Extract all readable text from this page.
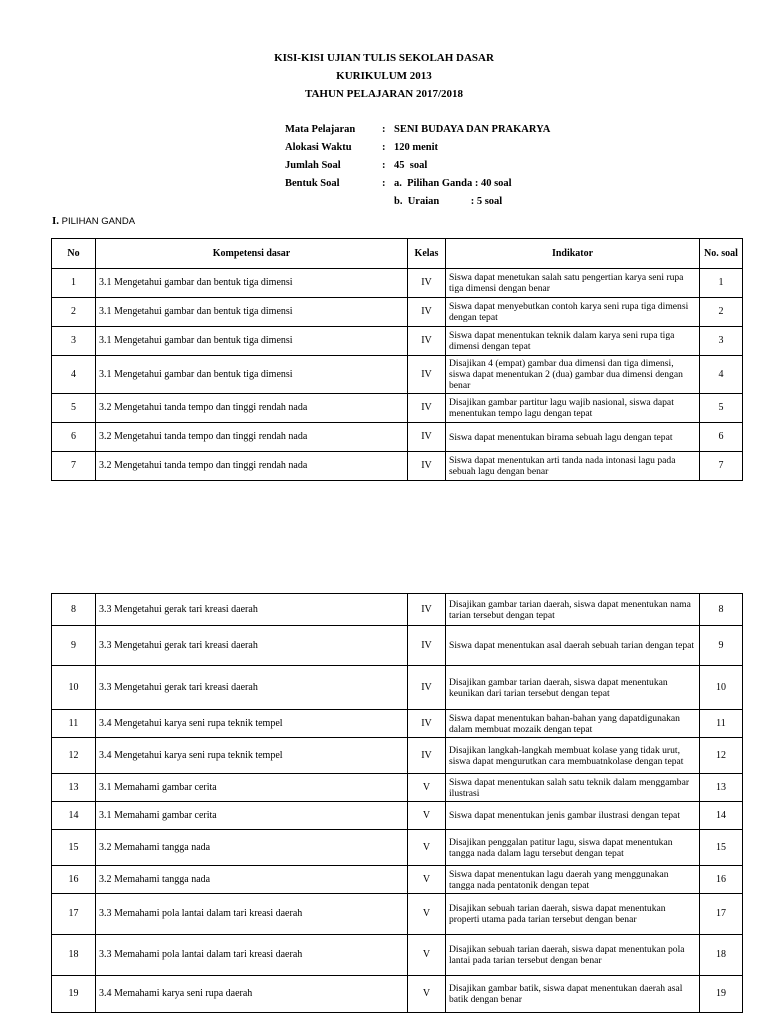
KISI-KISI UJIAN TULIS SEKOLAH DASAR
KURIKULUM 2013
TAHUN PELAJARAN 2017/2018
Mata Pelajaran	: SENI BUDAYA DAN PRAKARYA
Alokasi Waktu	: 120 menit
Jumlah Soal	: 45  soal
Bentuk Soal	: a.  Pilihan Ganda : 40 soal
b.  Uraian            : 5 soal
I. PILIHAN GANDA
No	Kompetensi dasar	Kelas	Indikator	No. soal
1	3.1 Mengetahui gambar dan bentuk tiga dimensi	IV	Siswa dapat menetukan salah satu pengertian karya seni rupa tiga dimensi dengan benar	1
2	3.1 Mengetahui gambar dan bentuk tiga dimensi	IV	Siswa dapat menyebutkan contoh karya seni rupa tiga dimensi dengan tepat	2
3	3.1 Mengetahui gambar dan bentuk tiga dimensi	IV	Siswa dapat menentukan teknik dalam karya seni rupa tiga dimensi dengan tepat	3
4	3.1 Mengetahui gambar dan bentuk tiga dimensi	IV	Disajikan 4 (empat) gambar dua dimensi dan tiga dimensi, siswa dapat menentukan 2 (dua) gambar dua dimensi dengan benar	4
5	3.2 Mengetahui tanda tempo dan tinggi rendah nada	IV	Disajikan gambar partitur lagu wajib nasional, siswa dapat menentukan tempo lagu dengan tepat	5
6	3.2 Mengetahui tanda tempo dan tinggi rendah nada	IV	Siswa dapat menentukan birama sebuah lagu dengan tepat	6
7	3.2 Mengetahui tanda tempo dan tinggi rendah nada	IV	Siswa dapat menentukan arti tanda nada intonasi lagu pada sebuah lagu dengan benar	7
8	3.3 Mengetahui gerak tari kreasi daerah	IV	Disajikan gambar tarian daerah, siswa dapat menentukan nama tarian tersebut dengan tepat	8
9	3.3 Mengetahui gerak tari kreasi daerah	IV	Siswa dapat menentukan asal daerah sebuah tarian dengan tepat	9
10	3.3 Mengetahui gerak tari kreasi daerah	IV	Disajikan gambar tarian daerah, siswa dapat menentukan keunikan dari tarian tersebut dengan tepat	10
11	3.4 Mengetahui karya seni rupa teknik tempel	IV	Siswa dapat menentukan bahan-bahan yang dapatdigunakan dalam membuat mozaik dengan tepat	11
12	3.4 Mengetahui karya seni rupa teknik tempel	IV	Disajikan langkah-langkah membuat kolase yang tidak urut, siswa dapat mengurutkan cara membuatnkolase dengan tepat	12
13	3.1 Memahami gambar cerita	V	Siswa dapat menentukan salah satu teknik dalam menggambar ilustrasi	13
14	3.1 Memahami gambar cerita	V	Siswa dapat menentukan jenis gambar ilustrasi dengan tepat	14
15	3.2 Memahami tangga nada	V	Disajikan penggalan patitur lagu, siswa dapat menentukan tangga nada dalam lagu tersebut dengan tepat	15
16	3.2 Memahami tangga nada	V	Siswa dapat menentukan lagu daerah yang menggunakan tangga nada pentatonik dengan tepat	16
17	3.3 Memahami pola lantai dalam tari kreasi daerah	V	Disajikan sebuah tarian daerah, siswa dapat menentukan properti utama pada tarian tersebut dengan benar	17
18	3.3 Memahami pola lantai dalam tari kreasi daerah	V	Disajikan sebuah tarian daerah, siswa dapat menentukan pola lantai pada tarian tersebut dengan benar	18
19	3.4 Memahami karya seni rupa daerah	V	Disajikan gambar batik, siswa dapat menentukan daerah asal batik dengan benar	19
